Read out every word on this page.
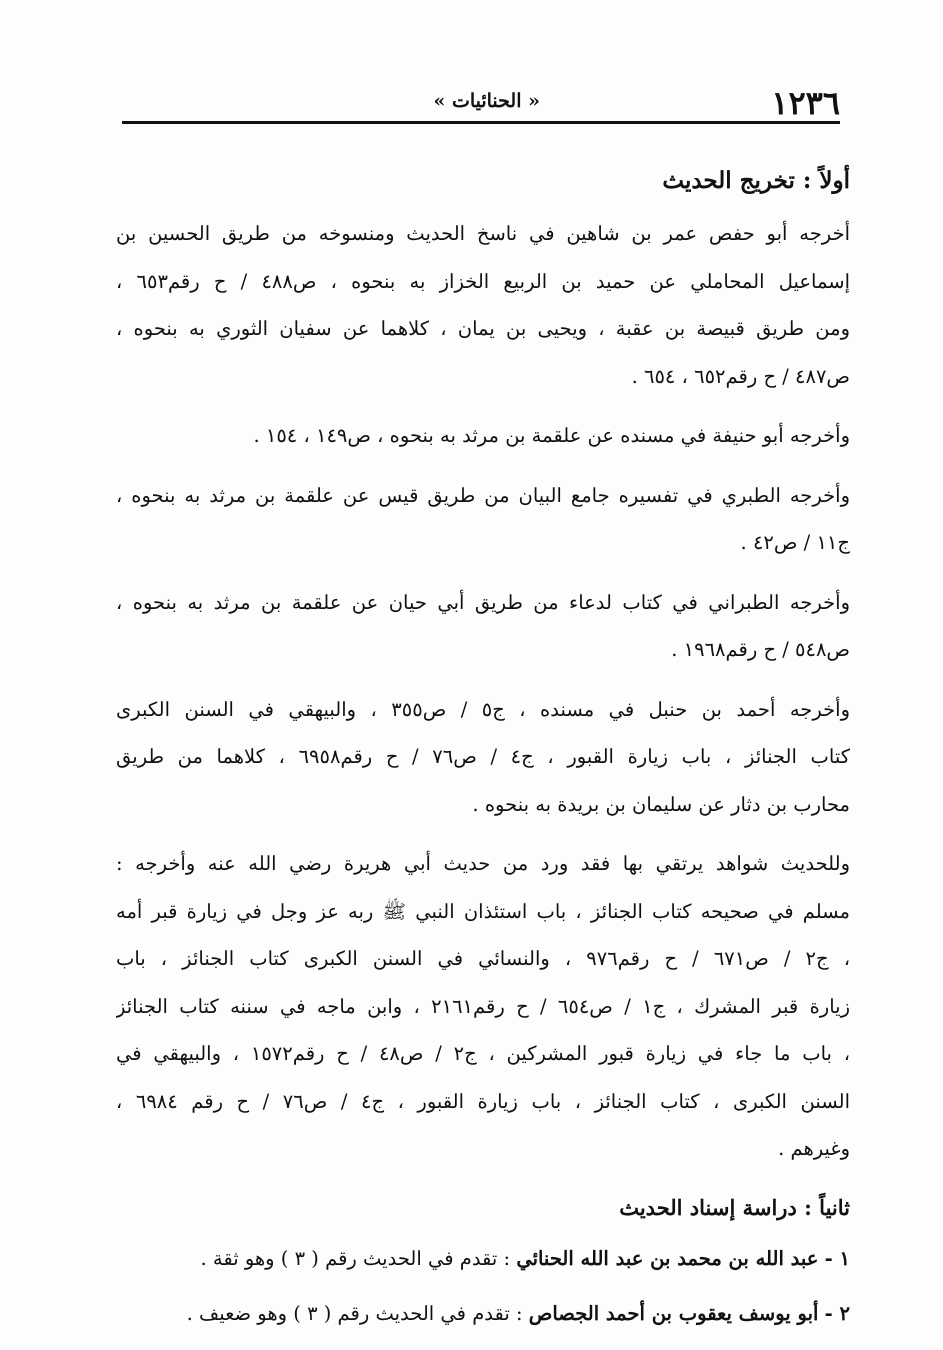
١٢٣٦
« الحنائيات »
أولاً : تخريج الحديث
أخرجه أبو حفص عمر بن شاهين في ناسخ الحديث ومنسوخه من طريق الحسين بن
إسماعيل المحاملي عن حميد بن الربيع الخزاز به بنحوه ، ص٤٨٨ / ح رقم٦٥٣ ،
ومن طريق قبيصة بن عقبة ، ويحيى بن يمان ، كلاهما عن سفيان الثوري به بنحوه ،
ص٤٨٧ / ح رقم٦٥٢ ، ٦٥٤ .
وأخرجه أبو حنيفة في مسنده عن علقمة بن مرثد به بنحوه ، ص١٤٩ ، ١٥٤ .
وأخرجه الطبري في تفسيره جامع البيان من طريق قيس عن علقمة بن مرثد به بنحوه ،
ج١١ / ص٤٢ .
وأخرجه الطبراني في كتاب لدعاء من طريق أبي حيان عن علقمة بن مرثد به بنحوه ،
ص٥٤٨ / ح رقم١٩٦٨ .
وأخرجه أحمد بن حنبل في مسنده ، ج٥ / ص٣٥٥ ، والبيهقي في السنن الكبرى
كتاب الجنائز ، باب زيارة القبور ، ج٤ / ص٧٦ / ح رقم٦٩٥٨ ، كلاهما من طريق
محارب بن دثار عن سليمان بن بريدة به بنحوه .
وللحديث شواهد يرتقي بها فقد ورد من حديث أبي هريرة رضي الله عنه وأخرجه :
مسلم في صحيحه كتاب الجنائز ، باب استئذان النبي ﷺ ربه عز وجل في زيارة قبر أمه
، ج٢ / ص٦٧١ / ح رقم٩٧٦ ، والنسائي في السنن الكبرى كتاب الجنائز ، باب
زيارة قبر المشرك ، ج١ / ص٦٥٤ / ح رقم٢١٦١ ، وابن ماجه في سننه كتاب الجنائز
، باب ما جاء في زيارة قبور المشركين ، ج٢ / ص٤٨ / ح رقم١٥٧٢ ، والبيهقي في
السنن الكبرى ، كتاب الجنائز ، باب زيارة القبور ، ج٤ / ص٧٦ / ح رقم ٦٩٨٤ ،
وغيرهم .
ثانياً : دراسة إسناد الحديث
١ - عبد الله بن محمد بن عبد الله الحنائي : تقدم في الحديث رقم ( ٣ ) وهو ثقة .
٢ - أبو يوسف يعقوب بن أحمد الجصاص : تقدم في الحديث رقم ( ٣ ) وهو ضعيف .
